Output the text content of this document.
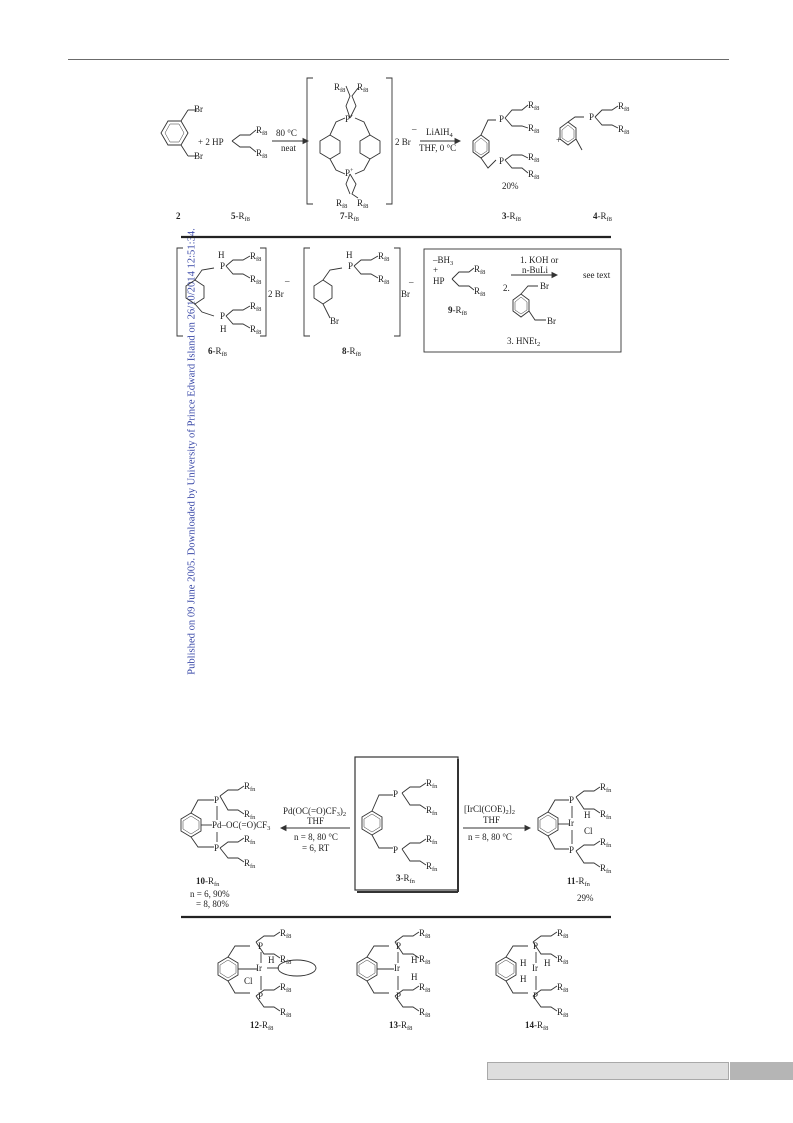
Published on 09 June 2005. Downloaded by University of Prince Edward Island on 26/10/2014 12:51:34.
Br
Br
+ 2 HP
$R_{f8}$
$R_{f8}$
80 °C
neat
$R_{f8}$ $R_{f8}$
P+
P+
$R_{f8}$ $R_{f8}$
2 Br
– LiAlH$_4$
THF, 0 °C
P
P
$R_{f8}$
$R_{f8}$
$R_{f8}$
$R_{f8}$
20%
+
P
$R_{f8}$
$R_{f8}$
2	$5-R_{f8}$	$7-R_{f8}$	$3-R_{f8}$	$4-R_{f8}$
H
P
P
H
$R_{f8}$
$R_{f8}$
$R_{f8}$
$R_{f8}$
2 Br
–
H
P
$R_{f8}$
$R_{f8}$
Br
Br
–
$-BH_3$
+
HP
$R_{f8}$
$R_{f8}$
$9-R_{f8}$
1. KOH or
n-BuLi	see text
2.	Br
Br
3. HNEt$_2$
$6-R_{f8}$	$8-R_{f8}$
P
P
$Pd-OC(=O)CF_3$
$R_{fn}$
$R_{fn}$
$R_{fn}$
$R_{fn}$
$Pd(OC(=O)CF_3)_2$
THF
n = 8, 80 °C
= 6, RT
P
P
$R_{fn}$
$R_{fn}$
$R_{fn}$
$R_{fn}$
$3-R_{fn}$
$[IrCl(COE)_2]_2$
THF
n = 8, 80 °C
P
P
Ir
H
Cl
$R_{fn}$
$R_{fn}$
$R_{fn}$
$R_{fn}$
$10-R_{fn}$
n = 6, 90%
= 8, 80%
$11-R_{fn}$
29%
P
P
Ir
H
Cl
$R_{f8}$
$R_{f8}$
$R_{f8}$
$R_{f8}$
$12-R_{f8}$
P
P
Ir
H
H
$R_{f8}$
$R_{f8}$
$R_{f8}$
$R_{f8}$
$13-R_{f8}$
P
P
Ir
H H
H
$R_{f8}$
$R_{f8}$
$R_{f8}$
$R_{f8}$
$14-R_{f8}$
